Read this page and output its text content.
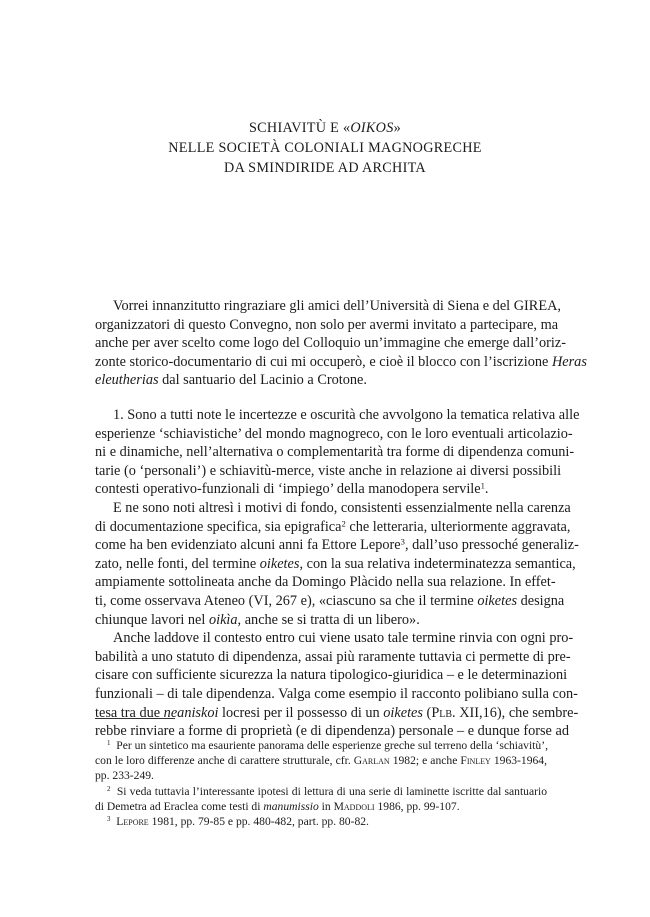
SCHIAVITÙ E «OIKOS»
NELLE SOCIETÀ COLONIALI MAGNOGRECHE
DA SMINDIRIDE AD ARCHITA
Vorrei innanzitutto ringraziare gli amici dell’Università di Siena e del GIREA,
organizzatori di questo Convegno, non solo per avermi invitato a partecipare, ma
anche per aver scelto come logo del Colloquio un’immagine che emerge dall’oriz-
zonte storico-documentario di cui mi occuperò, e cioè il blocco con l’iscrizione Heras
eleutherias dal santuario del Lacinio a Crotone.
1. Sono a tutti note le incertezze e oscurità che avvolgono la tematica relativa alle
esperienze ‘schiavistiche’ del mondo magnogreco, con le loro eventuali articolazio-
ni e dinamiche, nell’alternativa o complementarità tra forme di dipendenza comuni-
tarie (o ‘personali’) e schiavitù-merce, viste anche in relazione ai diversi possibili
contesti operativo-funzionali di ‘impiego’ della manodopera servile$^1$.
E ne sono noti altresì i motivi di fondo, consistenti essenzialmente nella carenza
di documentazione specifica, sia epigrafica$^2$ che letteraria, ulteriormente aggravata,
come ha ben evidenziato alcuni anni fa Ettore Lepore$^3$, dall’uso pressoché generaliz-
zato, nelle fonti, del termine oiketes, con la sua relativa indeterminatezza semantica,
ampiamente sottolineata anche da Domingo Plàcido nella sua relazione. In effet-
ti, come osservava Ateneo (VI, 267 e), «ciascuno sa che il termine oiketes designa
chiunque lavori nel oikìa, anche se si tratta di un libero».
Anche laddove il contesto entro cui viene usato tale termine rinvia con ogni pro-
babilità a uno statuto di dipendenza, assai più raramente tuttavia ci permette di pre-
cisare con sufficiente sicurezza la natura tipologico-giuridica – e le determinazioni
funzionali – di tale dipendenza. Valga come esempio il racconto polibiano sulla con-
tesa tra due neaniskoi locresi per il possesso di un oiketes (Plb. XII,16), che sembre-
rebbe rinviare a forme di proprietà (e di dipendenza) personale – e dunque forse ad
$^1$  Per un sintetico ma esauriente panorama delle esperienze greche sul terreno della ‘schiavitù’,
con le loro differenze anche di carattere strutturale, cfr. Garlan 1982; e anche Finley 1963-1964,
pp. 233-249.
$^2$  Si veda tuttavia l’interessante ipotesi di lettura di una serie di laminette iscritte dal santuario
di Demetra ad Eraclea come testi di manumissio in Maddoli 1986, pp. 99-107.
$^3$ Lepore 1981, pp. 79-85 e pp. 480-482, part. pp. 80-82.
